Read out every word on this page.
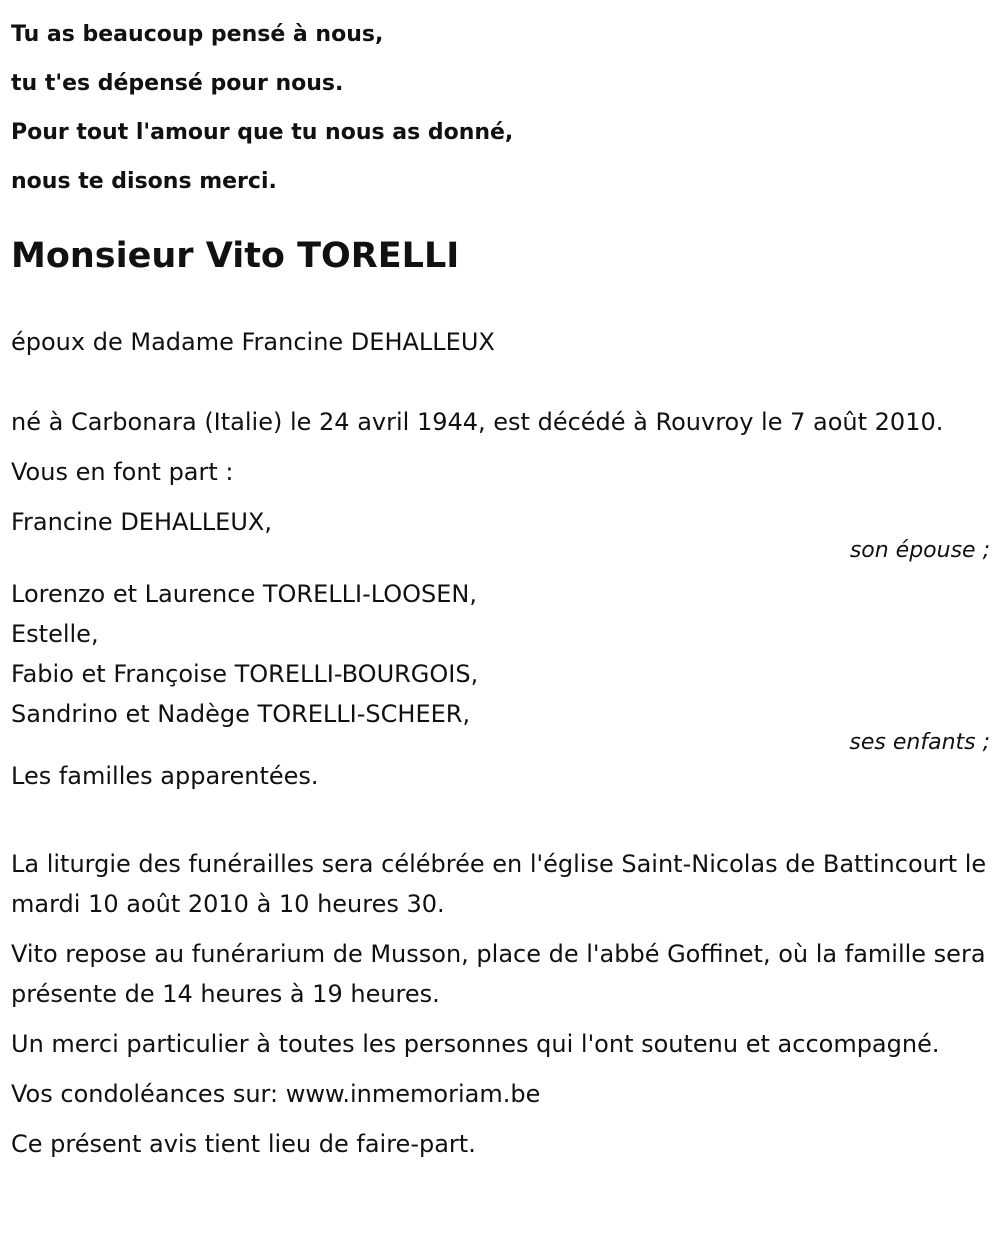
Tu as beaucoup pensé à nous,
tu t'es dépensé pour nous.
Pour tout l'amour que tu nous as donné,
nous te disons merci.
Monsieur Vito TORELLI
époux de Madame Francine DEHALLEUX
né à Carbonara (Italie) le 24 avril 1944, est décédé à Rouvroy le 7 août 2010.
Vous en font part :
Francine DEHALLEUX,
son épouse ;
Lorenzo et Laurence TORELLI-LOOSEN,
Estelle,
Fabio et Françoise TORELLI-BOURGOIS,
Sandrino et Nadège TORELLI-SCHEER,
ses enfants ;
Les familles apparentées.
La liturgie des funérailles sera célébrée en l'église Saint-Nicolas de Battincourt le mardi 10 août 2010 à 10 heures 30.
Vito repose au funérarium de Musson, place de l'abbé Goffinet, où la famille sera présente de 14 heures à 19 heures.
Un merci particulier à toutes les personnes qui l'ont soutenu et accompagné.
Vos condoléances sur: www.inmemoriam.be
Ce présent avis tient lieu de faire-part.
